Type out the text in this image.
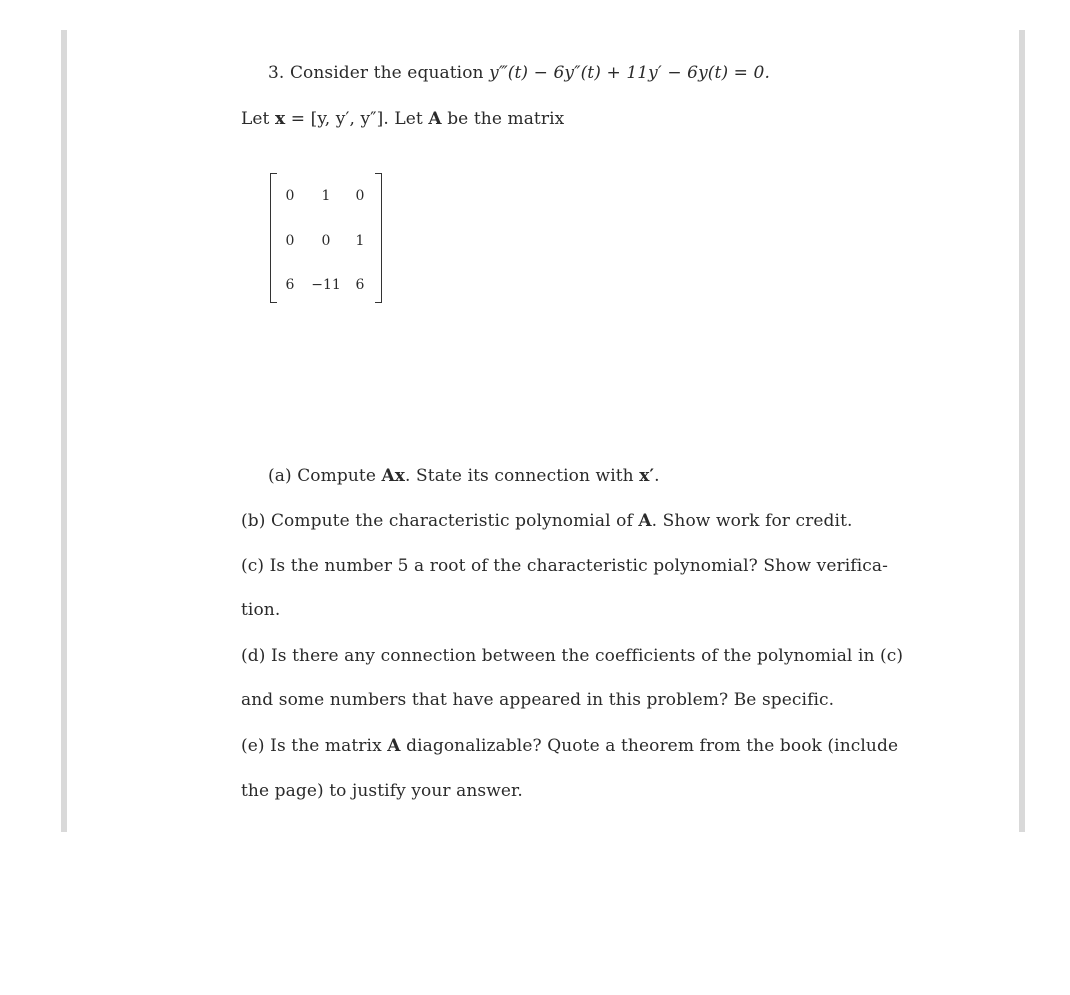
3. Consider the equation y‴(t) − 6y″(t) + 11y′ − 6y(t) = 0.
Let x = [y, y′, y″]. Let A be the matrix
0	1	0
0	0	1
6	−11	6
(a) Compute Ax. State its connection with x′.
(b) Compute the characteristic polynomial of A. Show work for credit.
(c) Is the number 5 a root of the characteristic polynomial? Show verifica-
tion.
(d) Is there any connection between the coefficients of the polynomial in (c)
and some numbers that have appeared in this problem? Be specific.
(e) Is the matrix A diagonalizable? Quote a theorem from the book (include
the page) to justify your answer.
